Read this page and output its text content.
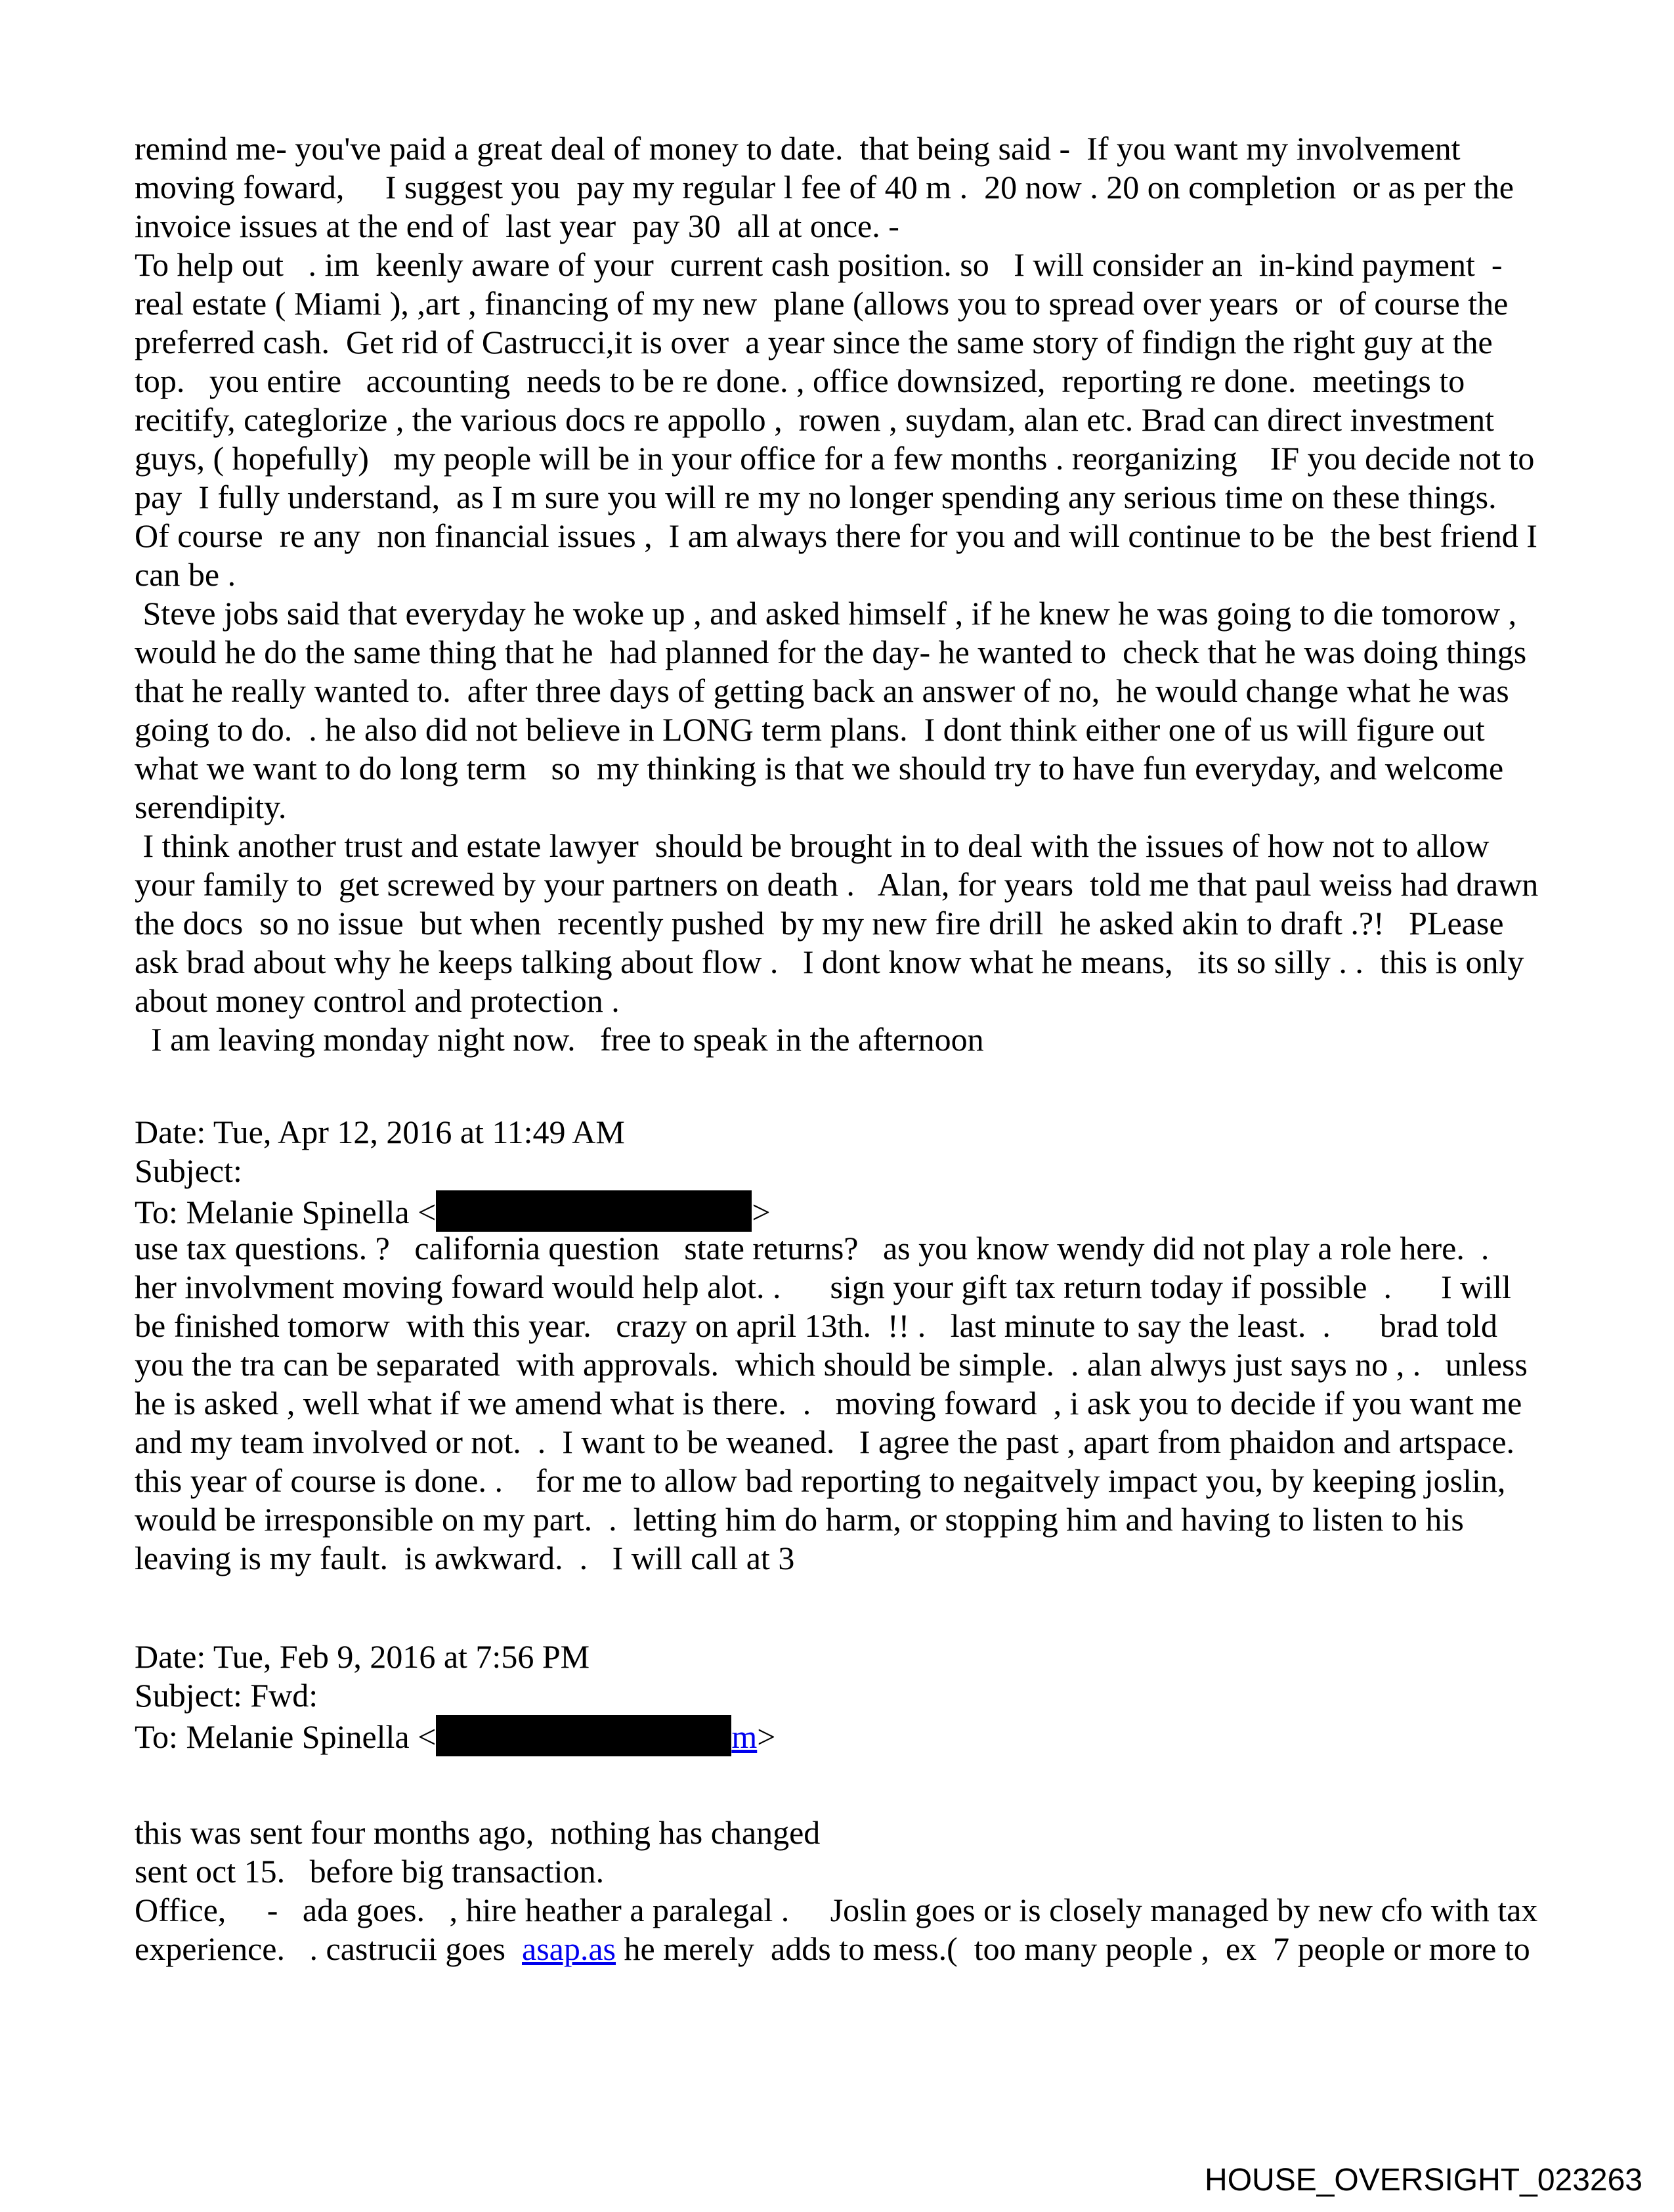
remind me- you've paid a great deal of money to date.  that being said -  If you want my involvement
moving foward,     I suggest you  pay my regular l fee of 40 m .  20 now . 20 on completion  or as per the
invoice issues at the end of  last year  pay 30  all at once. -
To help out   . im  keenly aware of your  current cash position. so   I will consider an  in-kind payment  -
real estate ( Miami ), ,art , financing of my new  plane (allows you to spread over years  or  of course the
preferred cash.  Get rid of Castrucci,it is over  a year since the same story of findign the right guy at the
top.   you entire   accounting  needs to be re done. , office downsized,  reporting re done.  meetings to
recitify, categlorize , the various docs re appollo ,  rowen , suydam, alan etc. Brad can direct investment
guys, ( hopefully)   my people will be in your office for a few months . reorganizing    IF you decide not to
pay  I fully understand,  as I m sure you will re my no longer spending any serious time on these things.
Of course  re any  non financial issues ,  I am always there for you and will continue to be  the best friend I
can be .
Steve jobs said that everyday he woke up , and asked himself , if he knew he was going to die tomorow ,
would he do the same thing that he  had planned for the day- he wanted to  check that he was doing things
that he really wanted to.  after three days of getting back an answer of no,  he would change what he was
going to do.  . he also did not believe in LONG term plans.  I dont think either one of us will figure out
what we want to do long term   so  my thinking is that we should try to have fun everyday, and welcome
serendipity.
I think another trust and estate lawyer  should be brought in to deal with the issues of how not to allow
your family to  get screwed by your partners on death .   Alan, for years  told me that paul weiss had drawn
the docs  so no issue  but when  recently pushed  by my new fire drill  he asked akin to draft .?!   PLease
ask brad about why he keeps talking about flow .   I dont know what he means,   its so silly . .  this is only
about money control and protection .
I am leaving monday night now.   free to speak in the afternoon
Date: Tue, Apr 12, 2016 at 11:49 AM
Subject:
To: Melanie Spinella <	>
use tax questions. ?   california question   state returns?   as you know wendy did not play a role here.  .
her involvment moving foward would help alot. .      sign your gift tax return today if possible  .      I will
be finished tomorw  with this year.   crazy on april 13th.  !! .   last minute to say the least.  .      brad told
you the tra can be separated  with approvals.  which should be simple.  . alan alwys just says no , .   unless
he is asked , well what if we amend what is there.  .   moving foward  , i ask you to decide if you want me
and my team involved or not.  .  I want to be weaned.   I agree the past , apart from phaidon and artspace.
this year of course is done. .    for me to allow bad reporting to negaitvely impact you, by keeping joslin,
would be irresponsible on my part.  .  letting him do harm, or stopping him and having to listen to his
leaving is my fault.  is awkward.  .   I will call at 3
Date: Tue, Feb 9, 2016 at 7:56 PM
Subject: Fwd:
To: Melanie Spinella <	m>
this was sent four months ago,  nothing has changed
sent oct 15.   before big transaction.
Office,     -   ada goes.   , hire heather a paralegal .     Joslin goes or is closely managed by new cfo with tax
experience.   . castrucii goes  asap.as he merely  adds to mess.(  too many people ,  ex  7 people or more to
HOUSE_OVERSIGHT_023263
